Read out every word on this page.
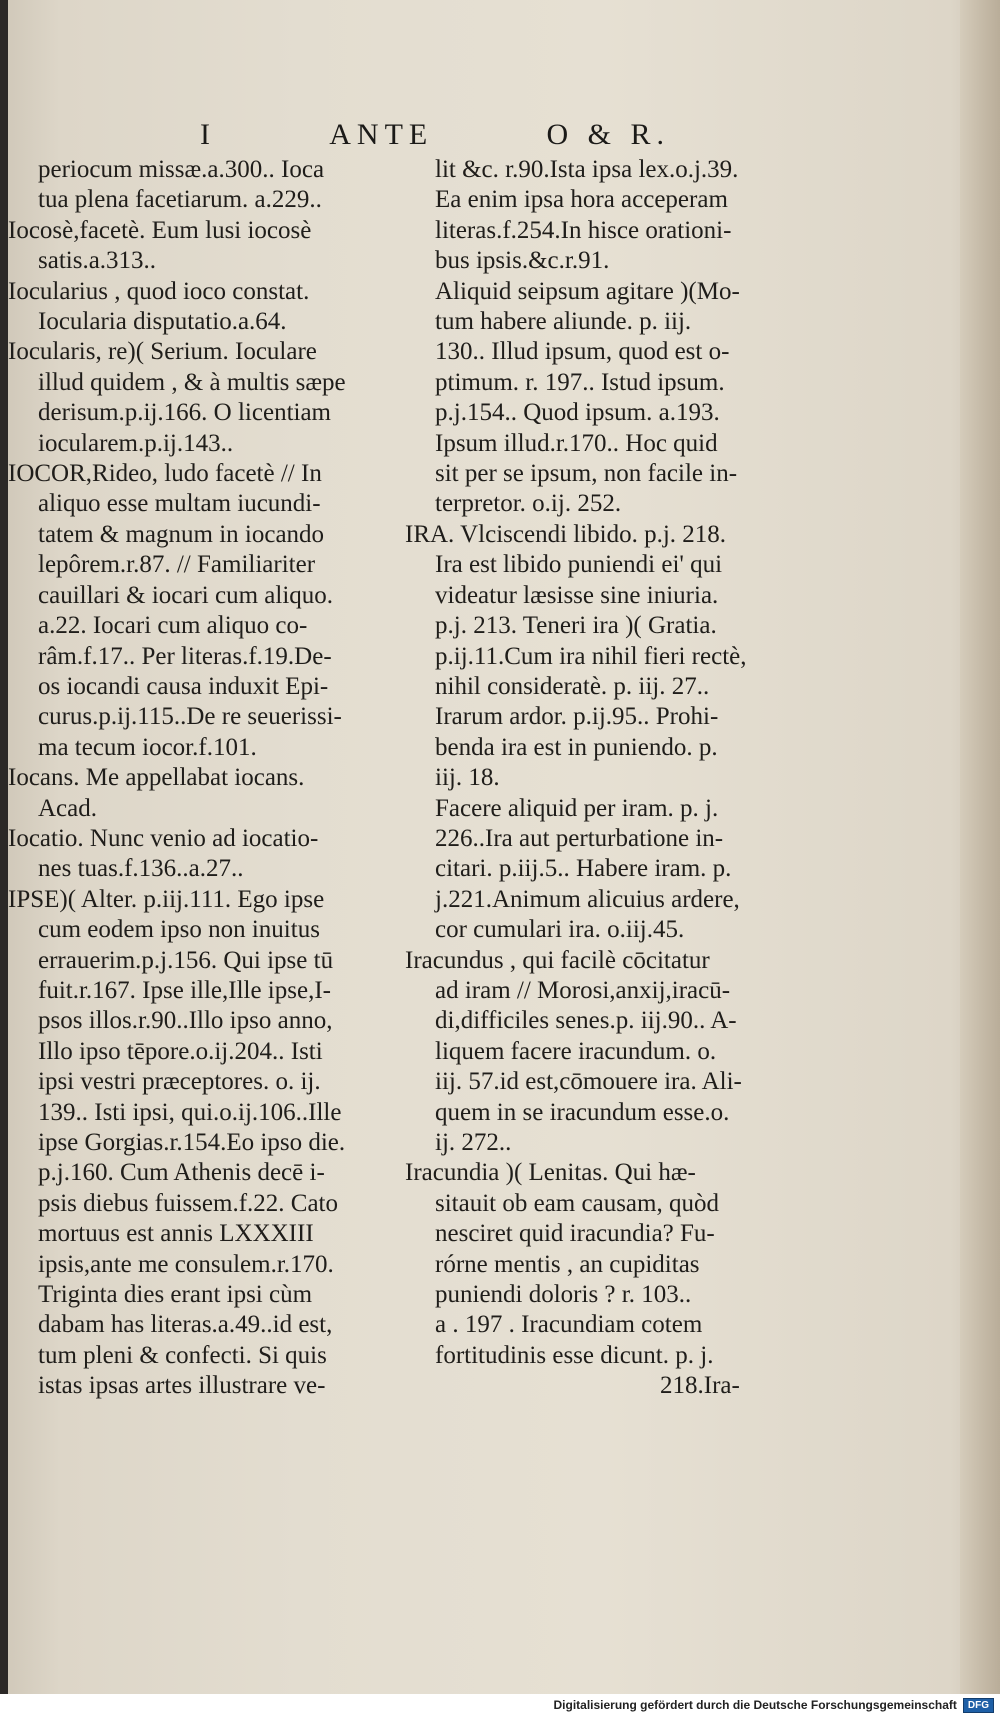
I	ANTE	O & R.
periocum missæ.a.300.. Ioca
tua plena facetiarum. a.229..
Iocosè,facetè. Eum lusi iocosè
satis.a.313..
Iocularius , quod ioco constat.
Iocularia disputatio.a.64.
Iocularis, re)( Serium. Ioculare
illud quidem , & à multis sæpe
derisum.p.ij.166. O licentiam
iocularem.p.ij.143..
IOCOR,Rideo, ludo facetè // In
aliquo esse multam iucundi-
tatem & magnum in iocando
lepôrem.r.87. // Familiariter
cauillari & iocari cum aliquo.
a.22. Iocari cum aliquo co-
râm.f.17.. Per literas.f.19.De-
os iocandi causa induxit Epi-
curus.p.ij.115..De re seuerissi-
ma tecum iocor.f.101.
Iocans. Me appellabat iocans.
Acad.
Iocatio. Nunc venio ad iocatio-
nes tuas.f.136..a.27..
IPSE)( Alter. p.iij.111. Ego ipse
cum eodem ipso non inuitus
errauerim.p.j.156. Qui ipse tū
fuit.r.167. Ipse ille,Ille ipse,I-
psos illos.r.90..Illo ipso anno,
Illo ipso tēpore.o.ij.204.. Isti
ipsi vestri præceptores. o. ij.
139.. Isti ipsi, qui.o.ij.106..Ille
ipse Gorgias.r.154.Eo ipso die.
p.j.160. Cum Athenis decē i-
psis diebus fuissem.f.22. Cato
mortuus est annis LXXXIII
ipsis,ante me consulem.r.170.
Triginta dies erant ipsi cùm
dabam has literas.a.49..id est,
tum pleni & confecti. Si quis
istas ipsas artes illustrare ve-
lit &c. r.90.Ista ipsa lex.o.j.39.
Ea enim ipsa hora acceperam
literas.f.254.In hisce orationi-
bus ipsis.&c.r.91.
Aliquid seipsum agitare )(Mo-
tum habere aliunde. p. iij.
130.. Illud ipsum, quod est o-
ptimum. r. 197.. Istud ipsum.
p.j.154.. Quod ipsum. a.193.
Ipsum illud.r.170.. Hoc quid
sit per se ipsum, non facile in-
terpretor. o.ij. 252.
IRA. Vlciscendi libido. p.j. 218.
Ira est libido puniendi ei' qui
videatur læsisse sine iniuria.
p.j. 213. Teneri ira )( Gratia.
p.ij.11.Cum ira nihil fieri rectè,
nihil consideratè. p. iij. 27..
Irarum ardor. p.ij.95.. Prohi-
benda ira est in puniendo. p.
iij. 18.
Facere aliquid per iram. p. j.
226..Ira aut perturbatione in-
citari. p.iij.5.. Habere iram. p.
j.221.Animum alicuius ardere,
cor cumulari ira. o.iij.45.
Iracundus , qui facilè cōcitatur
ad iram // Morosi,anxij,iracū-
di,difficiles senes.p. iij.90.. A-
liquem facere iracundum. o.
iij. 57.id est,cōmouere ira. Ali-
quem in se iracundum esse.o.
ij. 272..
Iracundia )( Lenitas. Qui hæ-
sitauit ob eam causam, quòd
nesciret quid iracundia? Fu-
rórne mentis , an cupiditas
puniendi doloris ? r. 103..
a . 197 . Iracundiam cotem
fortitudinis esse dicunt. p. j.
218.Ira-
Digitalisierung gefördert durch die Deutsche Forschungsgemeinschaft	DFG
